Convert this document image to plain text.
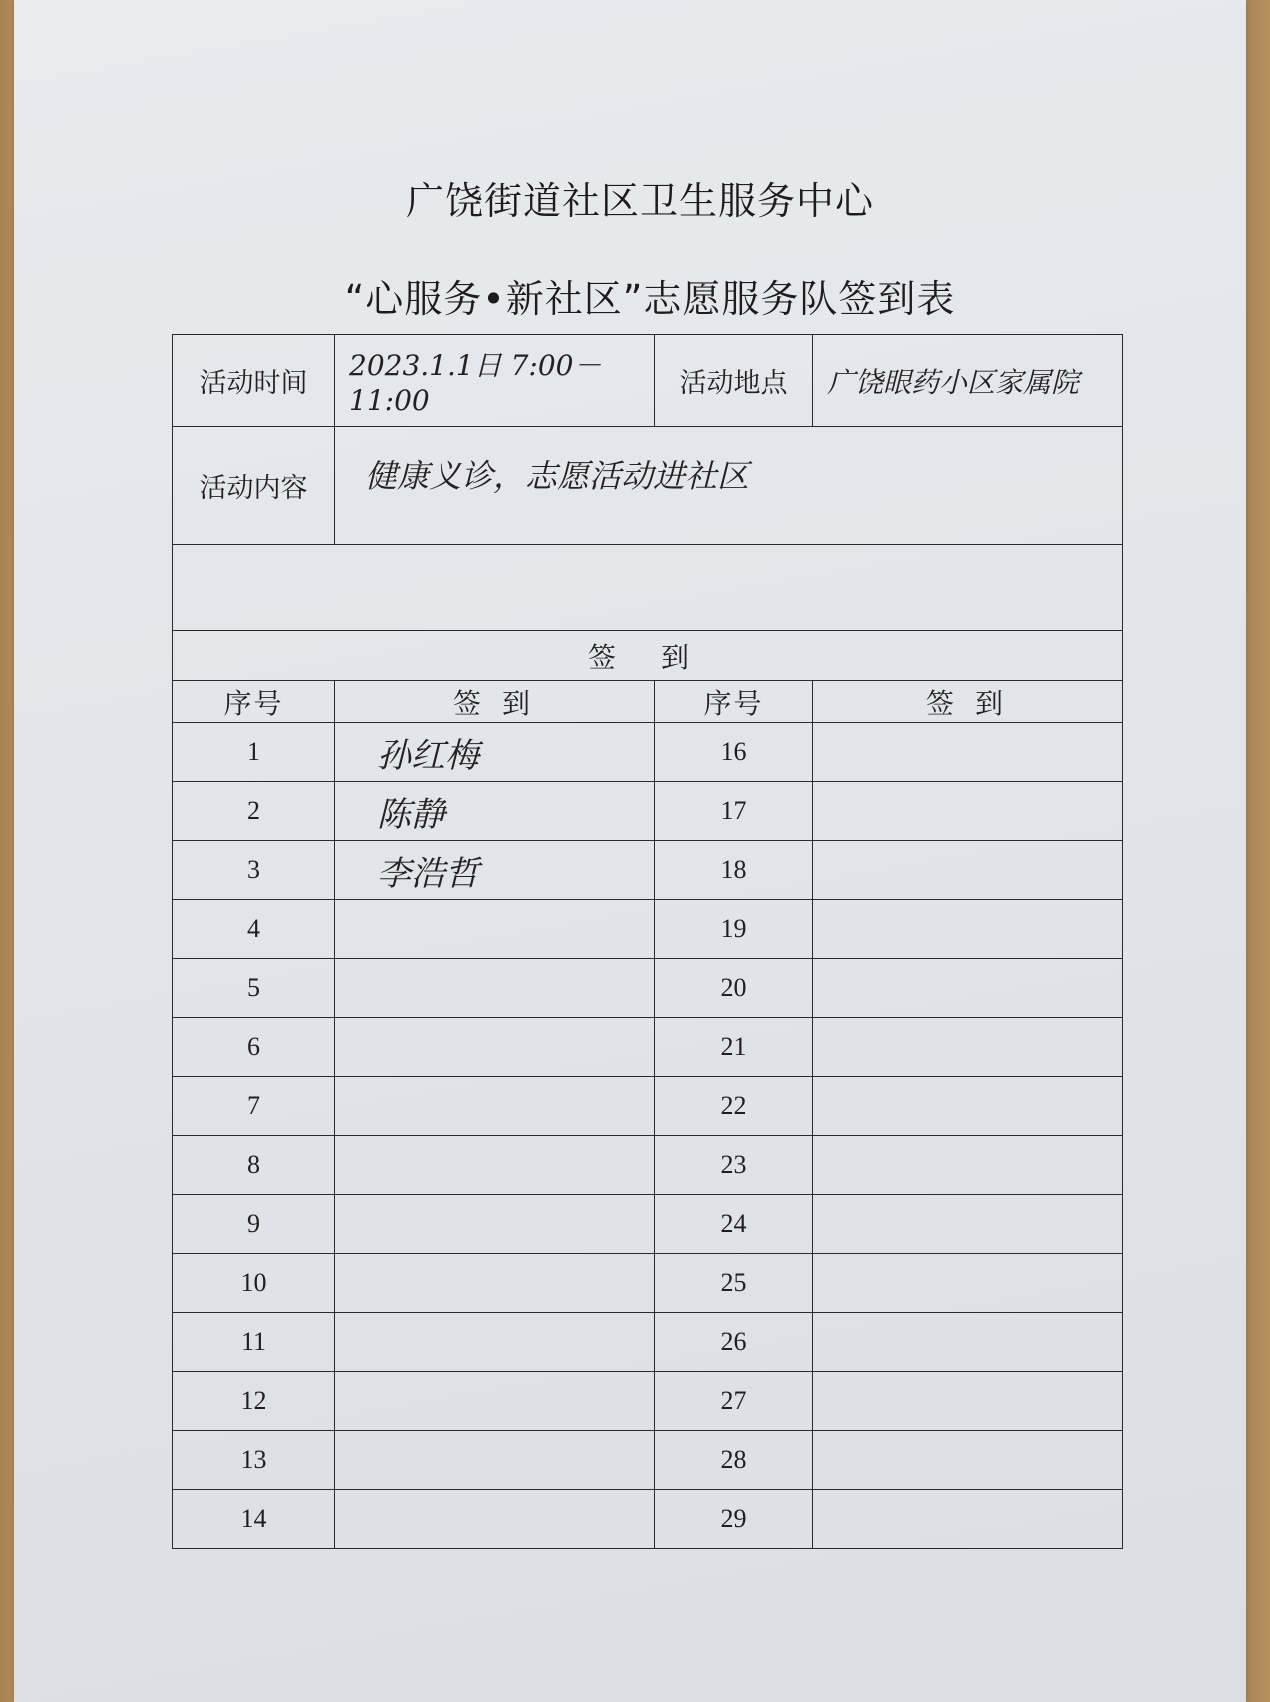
广饶街道社区卫生服务中心
“心服务•新社区”志愿服务队签到表
活动时间	2023.1.1日 7:00－11:00	活动地点	广饶眼药小区家属院
活动内容	健康义诊，志愿活动进社区		

签 到			
序号	签 到	序号	签 到
1	孙红梅	16	
2	陈静	17	
3	李浩哲	18	
4		19	
5		20	
6		21	
7		22	
8		23	
9		24	
10		25	
11		26	
12		27	
13		28	
14		29	
